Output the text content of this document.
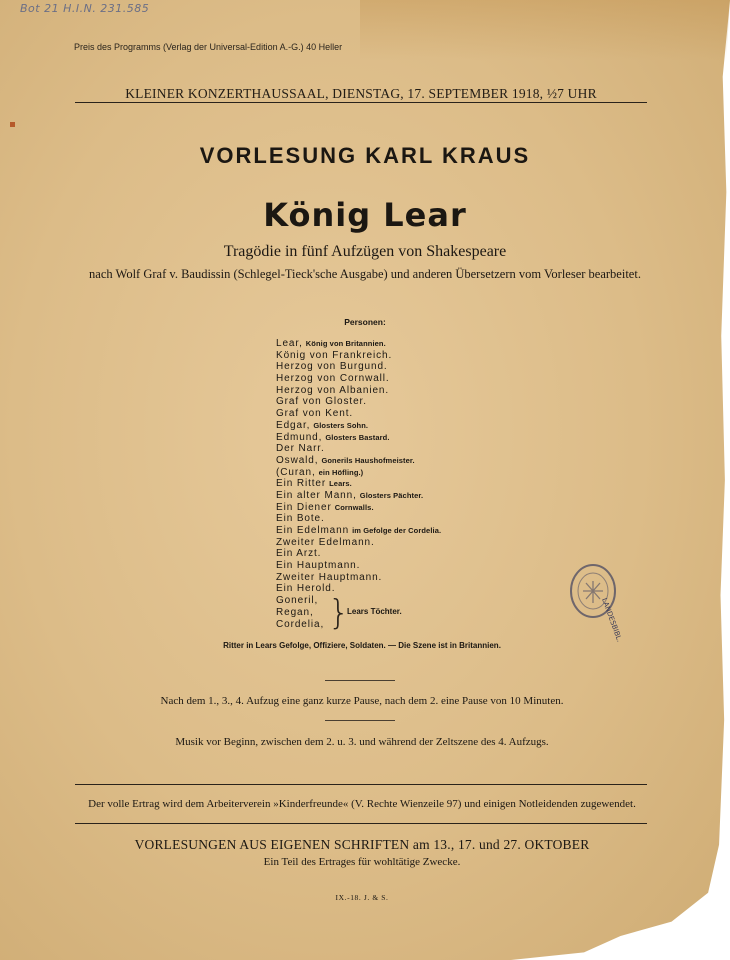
Bot 21 H.I.N. 231.585
Preis des Programms (Verlag der Universal-Edition A.-G.) 40 Heller
KLEINER KONZERTHAUSSAAL, DIENSTAG, 17. SEPTEMBER 1918, ½7 UHR
VORLESUNG KARL KRAUS
König Lear
Tragödie in fünf Aufzügen von Shakespeare
nach Wolf Graf v. Baudissin (Schlegel-Tieck'sche Ausgabe) und anderen Übersetzern vom Vorleser bearbeitet.
Personen:
Lear, König von Britannien.
König von Frankreich.
Herzog von Burgund.
Herzog von Cornwall.
Herzog von Albanien.
Graf von Gloster.
Graf von Kent.
Edgar, Glosters Sohn.
Edmund, Glosters Bastard.
Der Narr.
Oswald, Gonerils Haushofmeister.
(Curan, ein Höfling.)
Ein Ritter Lears.
Ein alter Mann, Glosters Pächter.
Ein Diener Cornwalls.
Ein Bote.
Ein Edelmann im Gefolge der Cordelia.
Zweiter Edelmann.
Ein Arzt.
Ein Hauptmann.
Zweiter Hauptmann.
Ein Herold.
Goneril,
Regan,
Cordelia, }
Lears Töchter.
Ritter in Lears Gefolge, Offiziere, Soldaten. — Die Szene ist in Britannien.
Nach dem 1., 3., 4. Aufzug eine ganz kurze Pause, nach dem 2. eine Pause von 10 Minuten.
Musik vor Beginn, zwischen dem 2. u. 3. und während der Zeltszene des 4. Aufzugs.
Der volle Ertrag wird dem Arbeiterverein »Kinderfreunde« (V. Rechte Wienzeile 97) und einigen Notleidenden zugewendet.
VORLESUNGEN AUS EIGENEN SCHRIFTEN am 13., 17. und 27. OKTOBER
Ein Teil des Ertrages für wohltätige Zwecke.
IX.-18. J. & S.
LANDESBIBL.
